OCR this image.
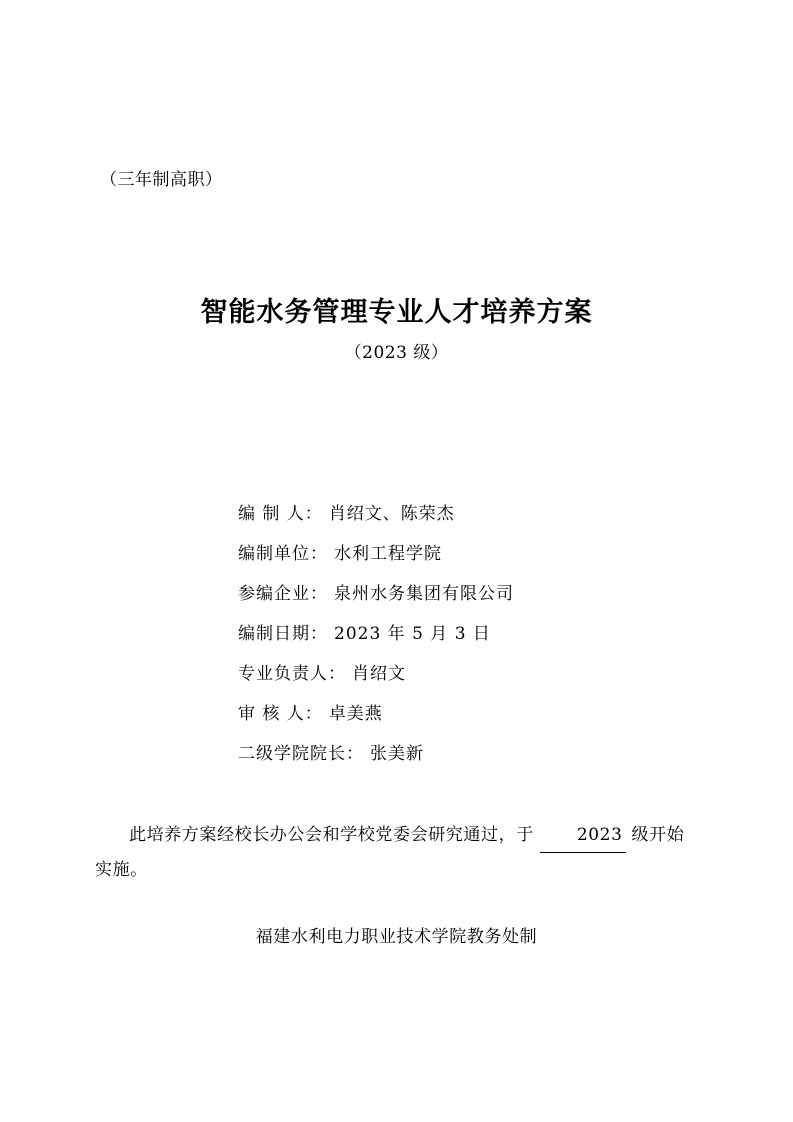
（三年制高职）
智能水务管理专业人才培养方案
（2023 级）
编 制 人： 肖绍文、陈荣杰
编制单位： 水利工程学院
参编企业： 泉州水务集团有限公司
编制日期： 2023 年 5 月 3 日
专业负责人： 肖绍文
审 核 人： 卓美燕
二级学院院长： 张美新
此培养方案经校长办公会和学校党委会研究通过，于	2023 级开始实施。
福建水利电力职业技术学院教务处制
